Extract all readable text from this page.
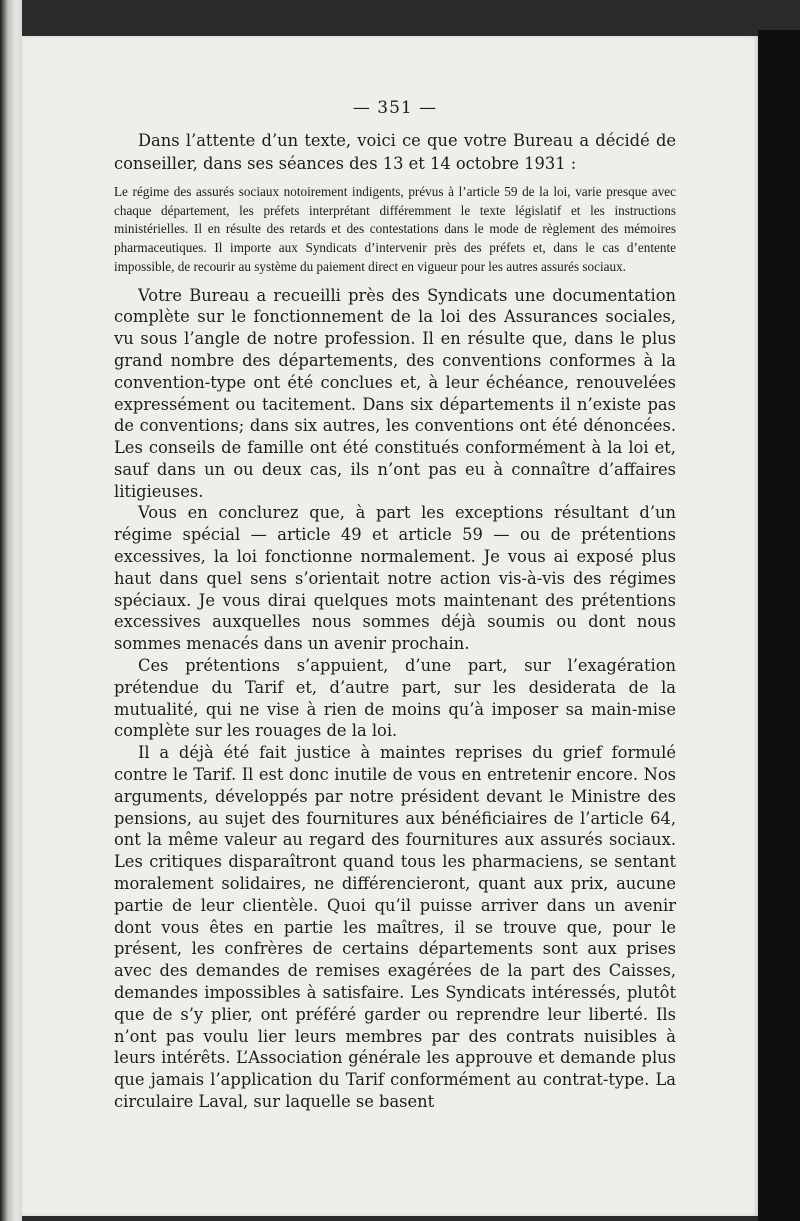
— 351 —

Dans l’attente d’un texte, voici ce que votre Bureau a décidé de conseiller, dans ses séances des 13 et 14 octobre 1931 :

Le régime des assurés sociaux notoirement indigents, prévus à l’article 59 de la loi, varie presque avec chaque département, les préfets interprétant différemment le texte législatif et les instructions ministérielles. Il en résulte des retards et des contestations dans le mode de règlement des mémoires pharmaceutiques. Il importe aux Syndicats d’intervenir près des préfets et, dans le cas d’entente impossible, de recourir au système du paiement direct en vigueur pour les autres assurés sociaux.

Votre Bureau a recueilli près des Syndicats une documentation complète sur le fonctionnement de la loi des Assurances sociales, vu sous l’angle de notre profession. Il en résulte que, dans le plus grand nombre des départements, des conventions conformes à la convention-type ont été conclues et, à leur échéance, renouvelées expressément ou tacitement. Dans six départements il n’existe pas de conventions; dans six autres, les conventions ont été dénoncées. Les conseils de famille ont été constitués conformément à la loi et, sauf dans un ou deux cas, ils n’ont pas eu à connaître d’affaires litigieuses.

Vous en conclurez que, à part les exceptions résultant d’un régime spécial — article 49 et article 59 — ou de prétentions excessives, la loi fonctionne normalement. Je vous ai exposé plus haut dans quel sens s’orientait notre action vis-à-vis des régimes spéciaux. Je vous dirai quelques mots maintenant des prétentions excessives auxquelles nous sommes déjà soumis ou dont nous sommes menacés dans un avenir prochain.

Ces prétentions s’appuient, d’une part, sur l’exagération prétendue du Tarif et, d’autre part, sur les desiderata de la mutualité, qui ne vise à rien de moins qu’à imposer sa main-mise complète sur les rouages de la loi.

Il a déjà été fait justice à maintes reprises du grief formulé contre le Tarif. Il est donc inutile de vous en entretenir encore. Nos arguments, développés par notre président devant le Ministre des pensions, au sujet des fournitures aux bénéficiaires de l’article 64, ont la même valeur au regard des fournitures aux assurés sociaux. Les critiques disparaîtront quand tous les pharmaciens, se sentant moralement solidaires, ne différencieront, quant aux prix, aucune partie de leur clientèle. Quoi qu’il puisse arriver dans un avenir dont vous êtes en partie les maîtres, il se trouve que, pour le présent, les confrères de certains départements sont aux prises avec des demandes de remises exagérées de la part des Caisses, demandes impossibles à satisfaire. Les Syndicats intéressés, plutôt que de s’y plier, ont préféré garder ou reprendre leur liberté. Ils n’ont pas voulu lier leurs membres par des contrats nuisibles à leurs intérêts. L’Association générale les approuve et demande plus que jamais l’application du Tarif conformément au contrat-type. La circulaire Laval, sur laquelle se basent
